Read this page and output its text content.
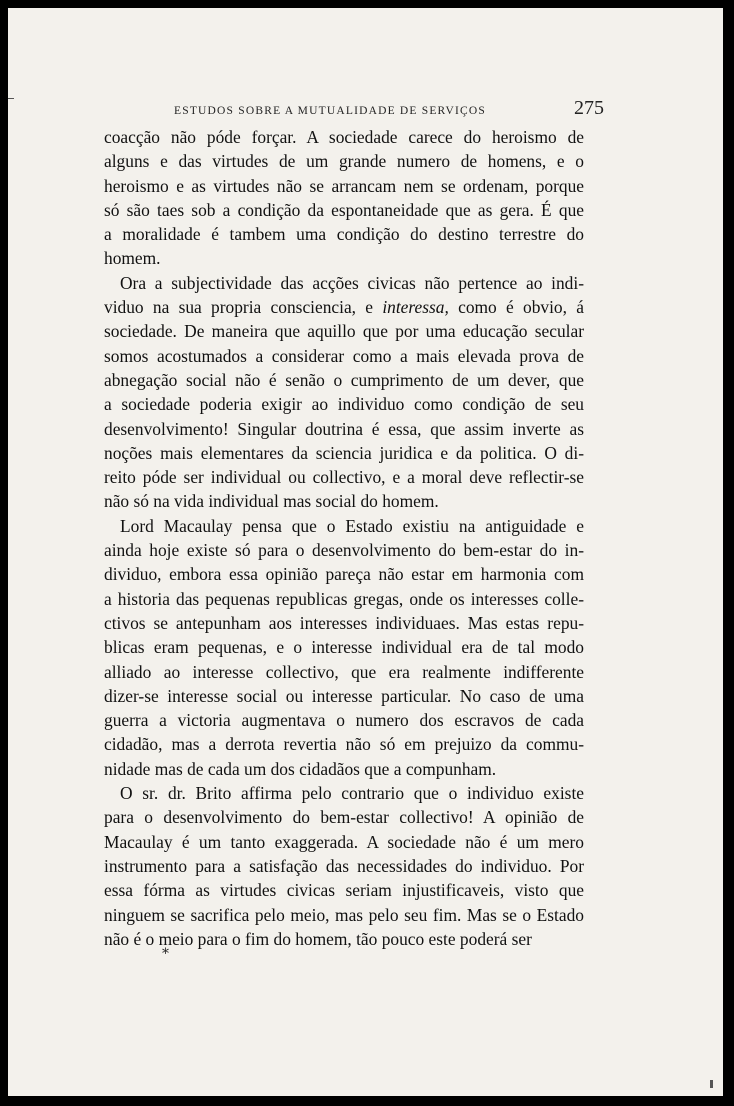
ESTUDOS SOBRE A MUTUALIDADE DE SERVIÇOS	275

coacção não póde forçar. A sociedade carece do heroismo de
alguns e das virtudes de um grande numero de homens, e o
heroismo e as virtudes não se arrancam nem se ordenam, porque
só são taes sob a condição da espontaneidade que as gera. É que
a moralidade é tambem uma condição do destino terrestre do
homem.

Ora a subjectividade das acções civicas não pertence ao indi-
viduo na sua propria consciencia, e interessa, como é obvio, á
sociedade. De maneira que aquillo que por uma educação secular
somos acostumados a considerar como a mais elevada prova de
abnegação social não é senão o cumprimento de um dever, que
a sociedade poderia exigir ao individuo como condição de seu
desenvolvimento! Singular doutrina é essa, que assim inverte as
noções mais elementares da sciencia juridica e da politica. O di-
reito póde ser individual ou collectivo, e a moral deve reflectir-se
não só na vida individual mas social do homem.

Lord Macaulay pensa que o Estado existiu na antiguidade e
ainda hoje existe só para o desenvolvimento do bem-estar do in-
dividuo, embora essa opinião pareça não estar em harmonia com
a historia das pequenas republicas gregas, onde os interesses colle-
ctivos se antepunham aos interesses individuaes. Mas estas repu-
blicas eram pequenas, e o interesse individual era de tal modo
alliado ao interesse collectivo, que era realmente indifferente
dizer-se interesse social ou interesse particular. No caso de uma
guerra a victoria augmentava o numero dos escravos de cada
cidadão, mas a derrota revertia não só em prejuizo da commu-
nidade mas de cada um dos cidadãos que a compunham.

O sr. dr. Brito affirma pelo contrario que o individuo existe
para o desenvolvimento do bem-estar collectivo! A opinião de
Macaulay é um tanto exaggerada. A sociedade não é um mero
instrumento para a satisfação das necessidades do individuo. Por
essa fórma as virtudes civicas seriam injustificaveis, visto que
ninguem se sacrifica pelo meio, mas pelo seu fim. Mas se o Estado
não é o meio para o fim do homem, tão pouco este poderá ser

*
